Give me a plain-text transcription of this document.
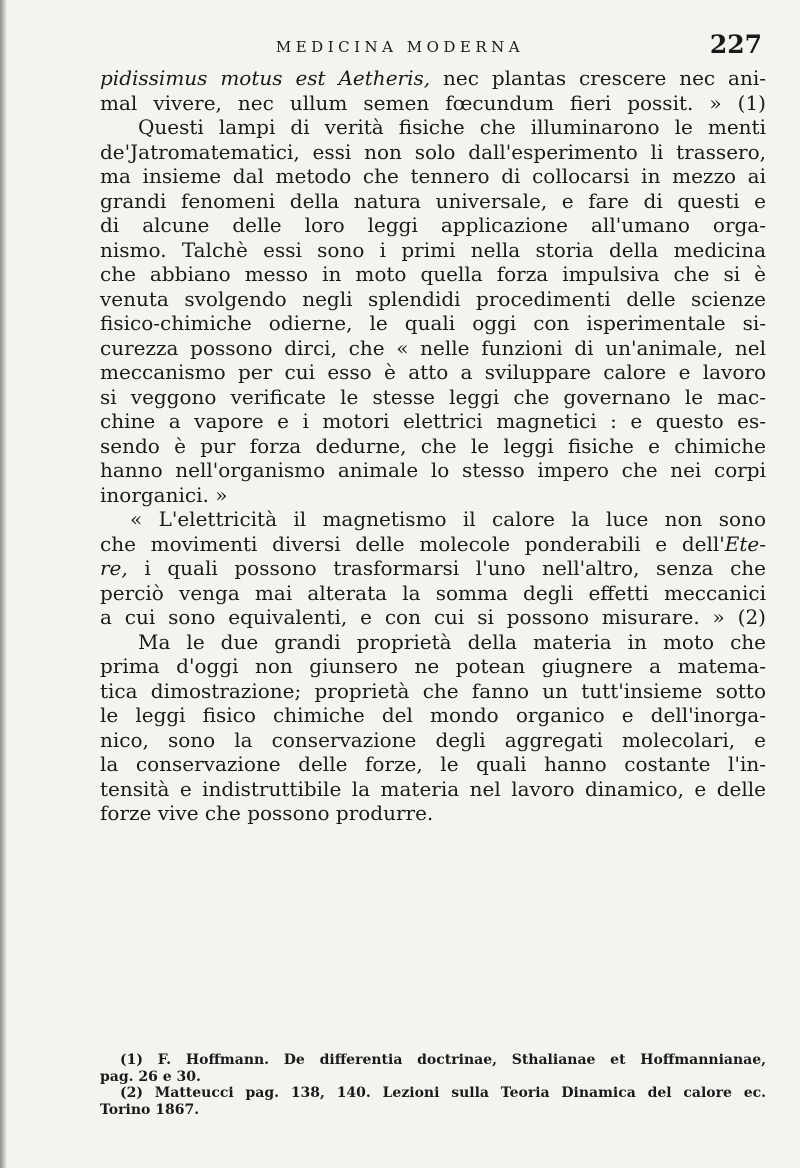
MEDICINA MODERNA	227
pidissimus motus est Aetheris, nec plantas crescere nec ani-
mal vivere, nec ullum semen fœcundum fieri possit. » (1)
Questi lampi di verità fisiche che illuminarono le menti
de'Jatromatematici, essi non solo dall'esperimento li trassero,
ma insieme dal metodo che tennero di collocarsi in mezzo ai
grandi fenomeni della natura universale, e fare di questi e
di alcune delle loro leggi applicazione all'umano orga-
nismo. Talchè essi sono i primi nella storia della medicina
che abbiano messo in moto quella forza impulsiva che si è
venuta svolgendo negli splendidi procedimenti delle scienze
fisico-chimiche odierne, le quali oggi con isperimentale si-
curezza possono dirci, che « nelle funzioni di un'animale, nel
meccanismo per cui esso è atto a sviluppare calore e lavoro
si veggono verificate le stesse leggi che governano le mac-
chine a vapore e i motori elettrici magnetici : e questo es-
sendo è pur forza dedurne, che le leggi fisiche e chimiche
hanno nell'organismo animale lo stesso impero che nei corpi
inorganici. »
« L'elettricità il magnetismo il calore la luce non sono
che movimenti diversi delle molecole ponderabili e dell'Ete-
re, i quali possono trasformarsi l'uno nell'altro, senza che
perciò venga mai alterata la somma degli effetti meccanici
a cui sono equivalenti, e con cui si possono misurare. » (2)
Ma le due grandi proprietà della materia in moto che
prima d'oggi non giunsero ne potean giugnere a matema-
tica dimostrazione; proprietà che fanno un tutt'insieme sotto
le leggi fisico chimiche del mondo organico e dell'inorga-
nico, sono la conservazione degli aggregati molecolari, e
la conservazione delle forze, le quali hanno costante l'in-
tensità e indistruttibile la materia nel lavoro dinamico, e delle
forze vive che possono produrre.
(1) F. Hoffmann. De differentia doctrinae, Sthalianae et Hoffmannianae,
pag. 26 e 30.
(2) Matteucci pag. 138, 140. Lezioni sulla Teoria Dinamica del calore ec.
Torino 1867.
